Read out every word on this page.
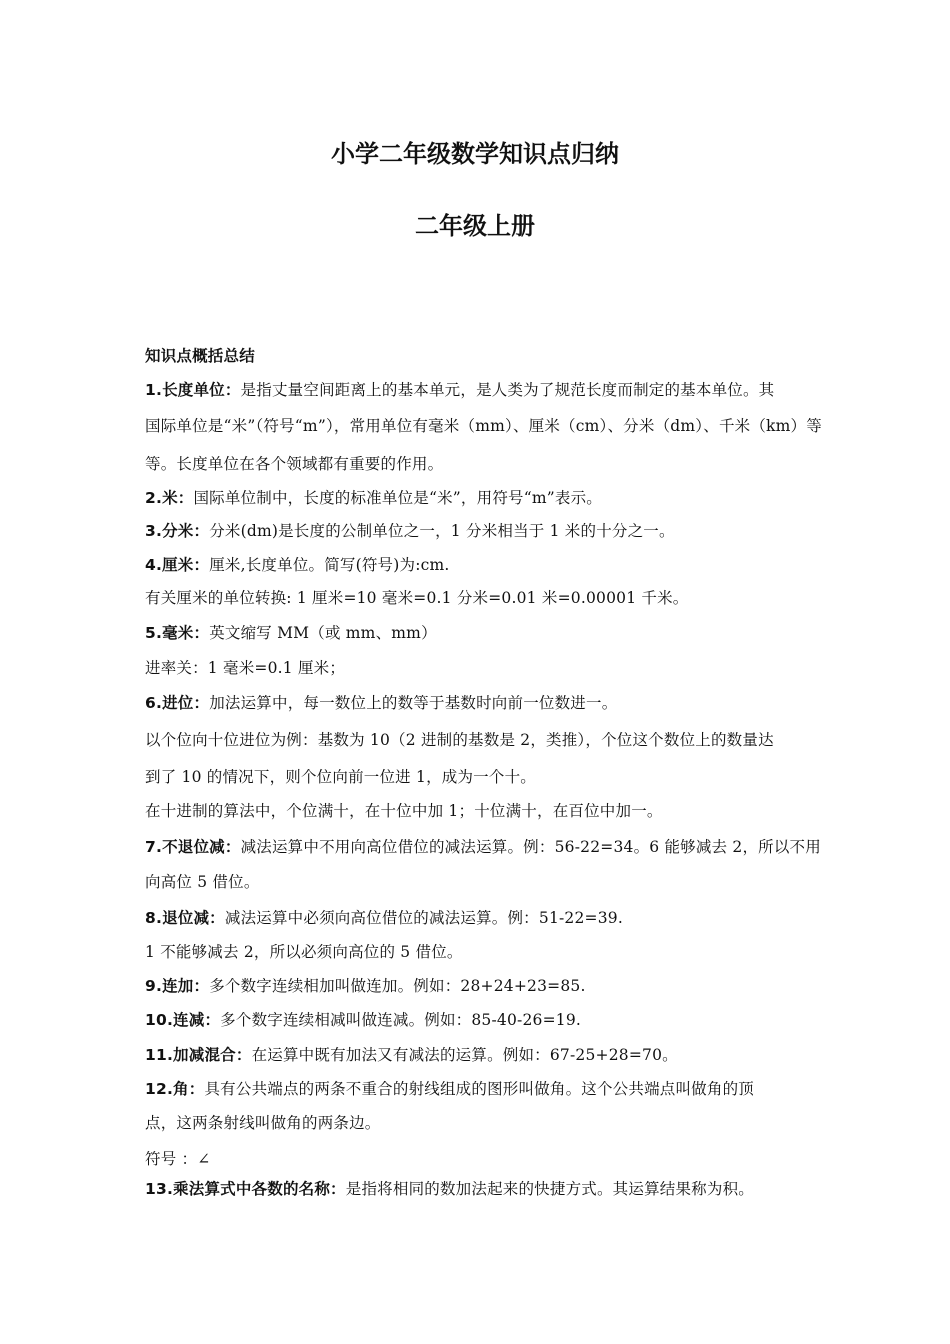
小学二年级数学知识点归纳
二年级上册
知识点概括总结
1.长度单位：是指丈量空间距离上的基本单元，是人类为了规范长度而制定的基本单位。其
国际单位是“米”（符号“m”），常用单位有毫米（mm）、厘米（cm）、分米（dm）、千米（km）等
等。长度单位在各个领域都有重要的作用。
2.米：国际单位制中，长度的标准单位是“米”，用符号“m”表示。
3.分米：分米(dm)是长度的公制单位之一，1 分米相当于 1 米的十分之一。
4.厘米：厘米,长度单位。简写(符号)为:cm.
有关厘米的单位转换: 1 厘米=10 毫米=0.1 分米=0.01 米=0.00001 千米。
5.毫米：英文缩写 MM（或 mm、mm）
进率关：1 毫米=0.1 厘米；
6.进位：加法运算中，每一数位上的数等于基数时向前一位数进一。
以个位向十位进位为例：基数为 10（2 进制的基数是 2，类推），个位这个数位上的数量达
到了 10 的情况下，则个位向前一位进 1，成为一个十。
在十进制的算法中，个位满十，在十位中加 1；十位满十，在百位中加一。
7.不退位减：减法运算中不用向高位借位的减法运算。例：56-22=34。6 能够减去 2，所以不用
向高位 5 借位。
8.退位减：减法运算中必须向高位借位的减法运算。例：51-22=39.
1 不能够减去 2，所以必须向高位的 5 借位。
9.连加：多个数字连续相加叫做连加。例如：28+24+23=85.
10.连减：多个数字连续相减叫做连减。例如：85-40-26=19.
11.加减混合：在运算中既有加法又有减法的运算。例如：67-25+28=70。
12.角：具有公共端点的两条不重合的射线组成的图形叫做角。这个公共端点叫做角的顶
点，这两条射线叫做角的两条边。
符号 ：∠
13.乘法算式中各数的名称：是指将相同的数加法起来的快捷方式。其运算结果称为积。
